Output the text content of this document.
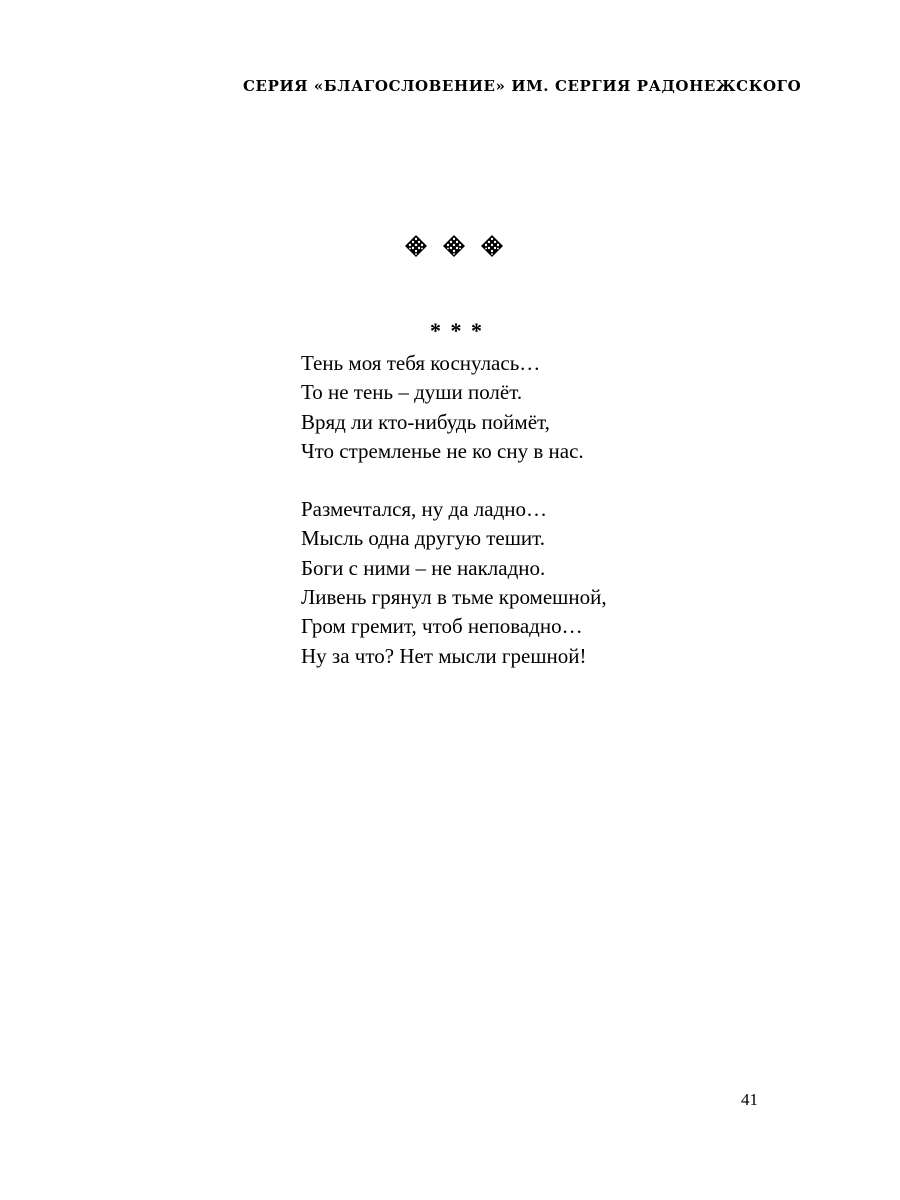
СЕРИЯ «БЛАГОСЛОВЕНИЕ» ИМ. СЕРГИЯ РАДОНЕЖСКОГО
* * *
Тень моя тебя коснулась…
То не тень – души полёт.
Вряд ли кто-нибудь поймёт,
Что стремленье не ко сну в нас.
Размечтался, ну да ладно…
Мысль одна другую тешит.
Боги с ними – не накладно.
Ливень грянул в тьме кромешной,
Гром гремит, чтоб неповадно…
Ну за что? Нет мысли грешной!
41
